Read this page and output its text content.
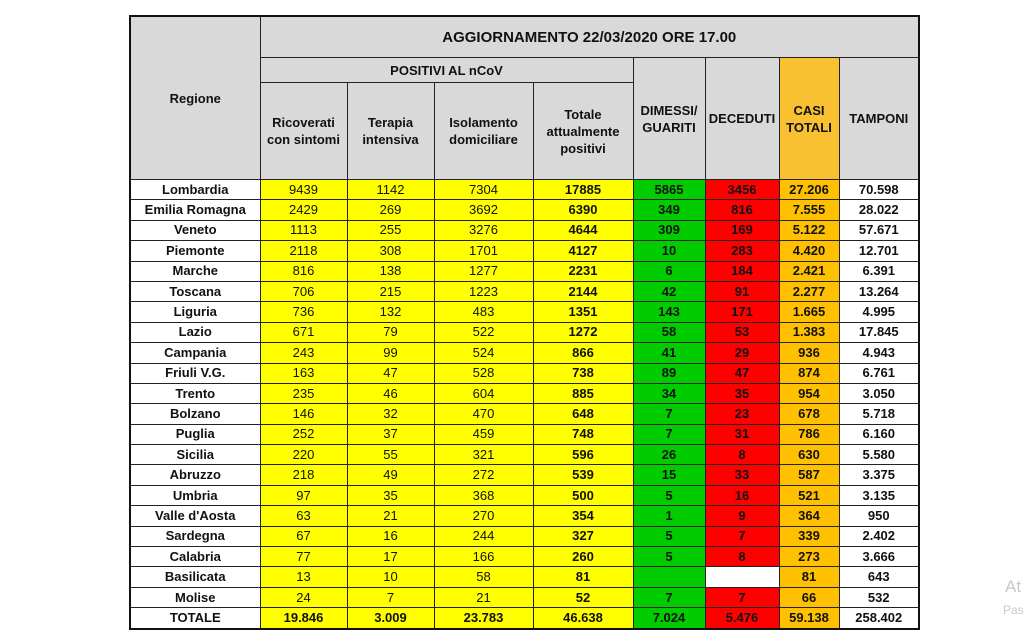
Regione	AGGIORNAMENTO 22/03/2020 ORE 17.00							
	POSITIVI AL nCoV				DIMESSI/ GUARITI	DECEDUTI	CASI TOTALI	TAMPONI
	Ricoverati con sintomi	Terapia intensiva	Isolamento domiciliare	Totale attualmente positivi				
Lombardia	9439	1142	7304	17885	5865	3456	27.206	70.598
Emilia Romagna	2429	269	3692	6390	349	816	7.555	28.022
Veneto	1113	255	3276	4644	309	169	5.122	57.671
Piemonte	2118	308	1701	4127	10	283	4.420	12.701
Marche	816	138	1277	2231	6	184	2.421	6.391
Toscana	706	215	1223	2144	42	91	2.277	13.264
Liguria	736	132	483	1351	143	171	1.665	4.995
Lazio	671	79	522	1272	58	53	1.383	17.845
Campania	243	99	524	866	41	29	936	4.943
Friuli V.G.	163	47	528	738	89	47	874	6.761
Trento	235	46	604	885	34	35	954	3.050
Bolzano	146	32	470	648	7	23	678	5.718
Puglia	252	37	459	748	7	31	786	6.160
Sicilia	220	55	321	596	26	8	630	5.580
Abruzzo	218	49	272	539	15	33	587	3.375
Umbria	97	35	368	500	5	16	521	3.135
Valle d'Aosta	63	21	270	354	1	9	364	950
Sardegna	67	16	244	327	5	7	339	2.402
Calabria	77	17	166	260	5	8	273	3.666
Basilicata	13	10	58	81			81	643
Molise	24	7	21	52	7	7	66	532
TOTALE	19.846	3.009	23.783	46.638	7.024	5.476	59.138	258.402
At
Pas
